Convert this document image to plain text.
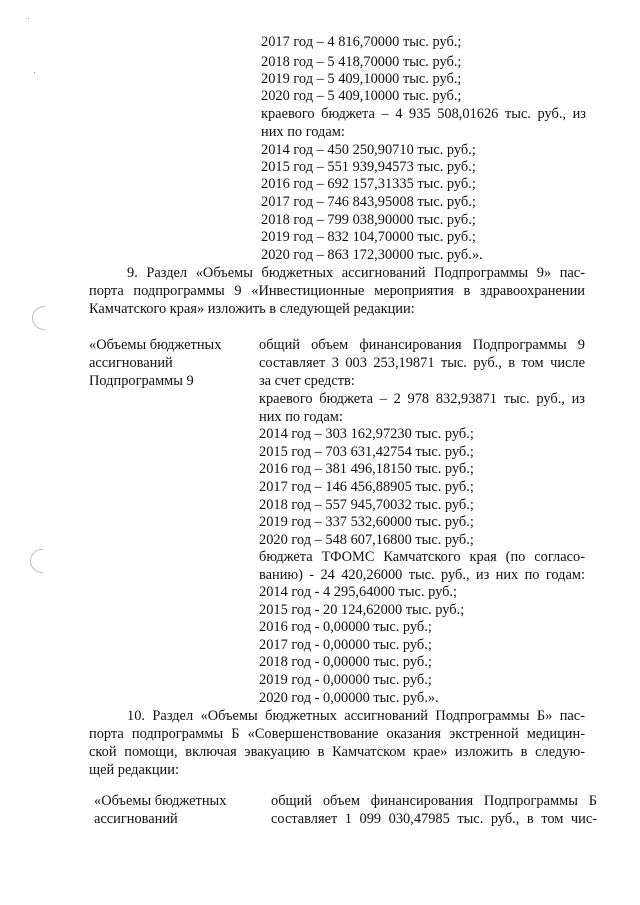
2017 год – 4 816,70000 тыс. руб.;
2018 год – 5 418,70000 тыс. руб.;
2019 год – 5 409,10000 тыс. руб.;
2020 год – 5 409,10000 тыс. руб.;
краевого бюджета – 4 935 508,01626 тыс. руб., из
них по годам:
2014 год – 450 250,90710 тыс. руб.;
2015 год – 551 939,94573 тыс. руб.;
2016 год – 692 157,31335 тыс. руб.;
2017 год – 746 843,95008 тыс. руб.;
2018 год – 799 038,90000 тыс. руб.;
2019 год – 832 104,70000 тыс. руб.;
2020 год – 863 172,30000 тыс. руб.».
9. Раздел «Объемы бюджетных ассигнований Подпрограммы 9» пас-
порта подпрограммы 9 «Инвестиционные мероприятия в здравоохранении
Камчатского края» изложить в следующей редакции:
«Объемы бюджетных
ассигнований
Подпрограммы 9
общий объем финансирования Подпрограммы 9
составляет 3 003 253,19871 тыс. руб., в том числе
за счет средств:
краевого бюджета – 2 978 832,93871 тыс. руб., из
них по годам:
2014 год – 303 162,97230 тыс. руб.;
2015 год – 703 631,42754 тыс. руб.;
2016 год – 381 496,18150 тыс. руб.;
2017 год – 146 456,88905 тыс. руб.;
2018 год – 557 945,70032 тыс. руб.;
2019 год – 337 532,60000 тыс. руб.;
2020 год – 548 607,16800 тыс. руб.;
бюджета ТФОМС Камчатского края (по согласо-
ванию) - 24 420,26000 тыс. руб., из них по годам:
2014 год - 4 295,64000 тыс. руб.;
2015 год - 20 124,62000 тыс. руб.;
2016 год - 0,00000 тыс. руб.;
2017 год - 0,00000 тыс. руб.;
2018 год - 0,00000 тыс. руб.;
2019 год - 0,00000 тыс. руб.;
2020 год - 0,00000 тыс. руб.».
10. Раздел «Объемы бюджетных ассигнований Подпрограммы Б» пас-
порта подпрограммы Б «Совершенствование оказания экстренной медицин-
ской помощи, включая эвакуацию в Камчатском крае» изложить в следую-
щей редакции:
«Объемы бюджетных
ассигнований
общий объем финансирования Подпрограммы Б
составляет 1 099 030,47985 тыс. руб., в том чис-
